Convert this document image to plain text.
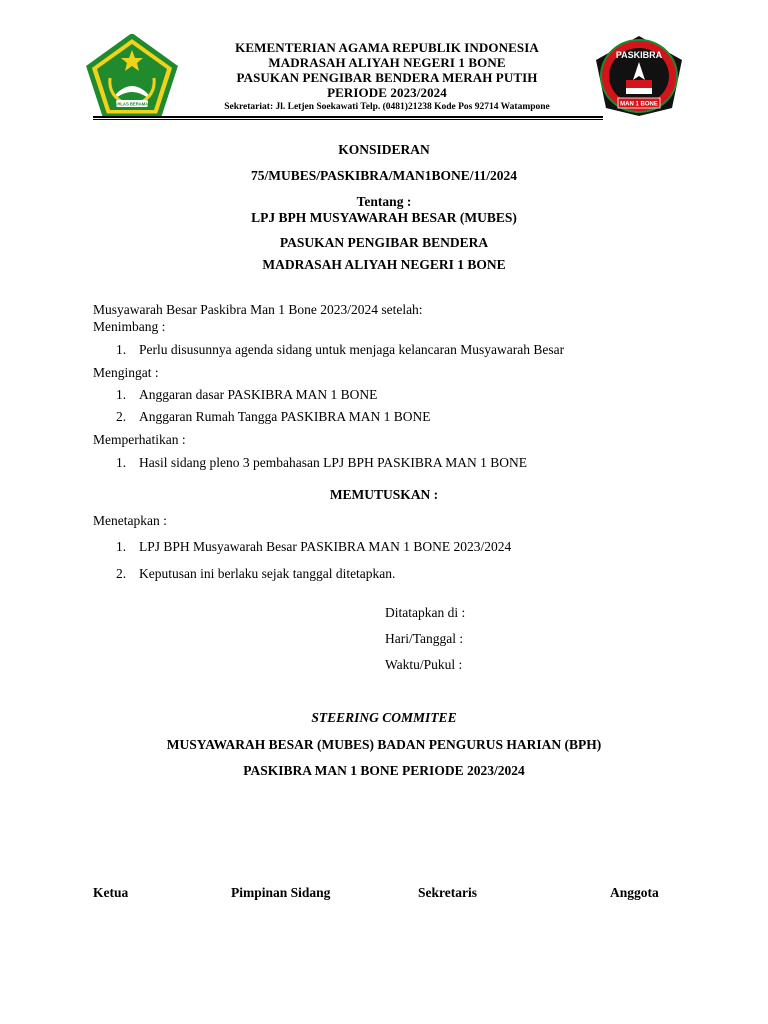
IKHLAS BERAMAL
PASKIBRA
MAN 1 BONE
KEMENTERIAN AGAMA REPUBLIK INDONESIA
MADRASAH ALIYAH NEGERI 1 BONE
PASUKAN PENGIBAR BENDERA MERAH PUTIH
PERIODE 2023/2024
Sekretariat: Jl. Letjen Soekawati Telp. (0481)21238 Kode Pos 92714 Watampone
KONSIDERAN
75/MUBES/PASKIBRA/MAN1BONE/11/2024
Tentang :
LPJ BPH MUSYAWARAH BESAR (MUBES)
PASUKAN PENGIBAR BENDERA
MADRASAH ALIYAH NEGERI 1 BONE
Musyawarah Besar Paskibra Man 1 Bone 2023/2024 setelah:
Menimbang :
1. Perlu disusunnya agenda sidang untuk menjaga kelancaran Musyawarah Besar
Mengingat :
1. Anggaran dasar PASKIBRA MAN 1 BONE
2. Anggaran Rumah Tangga PASKIBRA MAN 1 BONE
Memperhatikan :
1. Hasil sidang pleno 3 pembahasan LPJ BPH PASKIBRA MAN 1 BONE
MEMUTUSKAN :
Menetapkan :
1. LPJ BPH Musyawarah Besar PASKIBRA MAN 1 BONE 2023/2024
2. Keputusan ini berlaku sejak tanggal ditetapkan.
Ditatapkan di :
Hari/Tanggal :
Waktu/Pukul :
STEERING COMMITEE
MUSYAWARAH BESAR (MUBES) BADAN PENGURUS HARIAN (BPH)
PASKIBRA MAN 1 BONE PERIODE 2023/2024
Ketua	Pimpinan Sidang	Sekretaris	Anggota
